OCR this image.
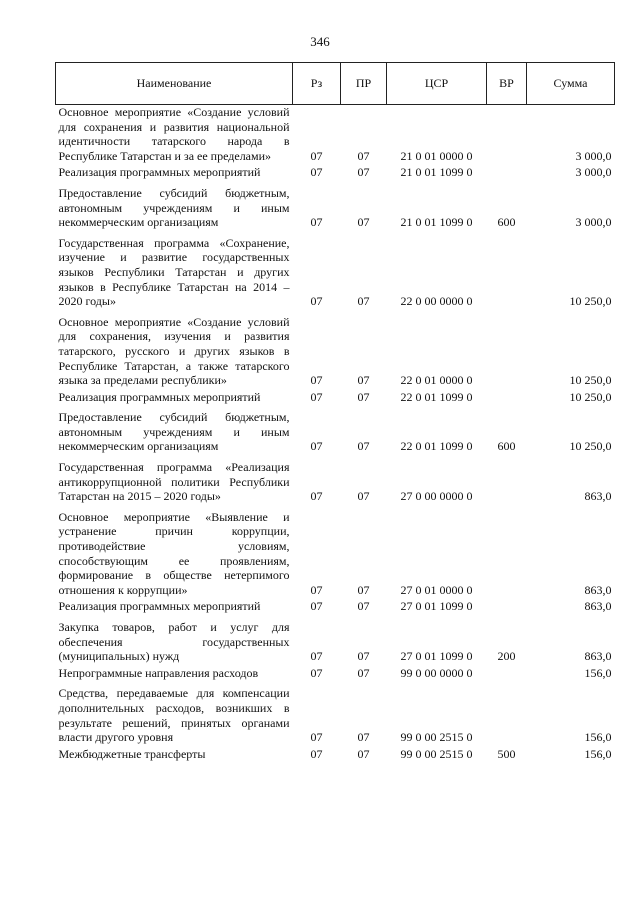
346
Наименование	Рз	ПР	ЦСР	ВР	Сумма
Основное мероприятие «Создание условий для сохранения и развития национальной идентичности татарского народа в Республике Татарстан и за ее пределами»	07	07	21 0 01 0000 0		3 000,0
Реализация программных мероприятий	07	07	21 0 01 1099 0		3 000,0
Предоставление субсидий бюджетным, автономным учреждениям и иным некоммерческим организациям	07	07	21 0 01 1099 0	600	3 000,0
Государственная программа «Сохранение, изучение и развитие государственных языков Республики Татарстан и других языков в Республике Татарстан на 2014 – 2020 годы»	07	07	22 0 00 0000 0		10 250,0
Основное мероприятие «Создание условий для сохранения, изучения и развития татарского, русского и других языков в Республике Татарстан, а также татарского языка за пределами республики»	07	07	22 0 01 0000 0		10 250,0
Реализация программных мероприятий	07	07	22 0 01 1099 0		10 250,0
Предоставление субсидий бюджетным, автономным учреждениям и иным некоммерческим организациям	07	07	22 0 01 1099 0	600	10 250,0
Государственная программа «Реализация антикоррупционной политики Республики Татарстан на 2015 – 2020 годы»	07	07	27 0 00 0000 0		863,0
Основное мероприятие «Выявление и устранение причин коррупции, противодействие условиям, способствующим ее проявлениям, формирование в обществе нетерпимого отношения к коррупции»	07	07	27 0 01 0000 0		863,0
Реализация программных мероприятий	07	07	27 0 01 1099 0		863,0
Закупка товаров, работ и услуг для обеспечения государственных (муниципальных) нужд	07	07	27 0 01 1099 0	200	863,0
Непрограммные направления расходов	07	07	99 0 00 0000 0		156,0
Средства, передаваемые для компенсации дополнительных расходов, возникших в результате решений, принятых органами власти другого уровня	07	07	99 0 00 2515 0		156,0
Межбюджетные трансферты	07	07	99 0 00 2515 0	500	156,0
